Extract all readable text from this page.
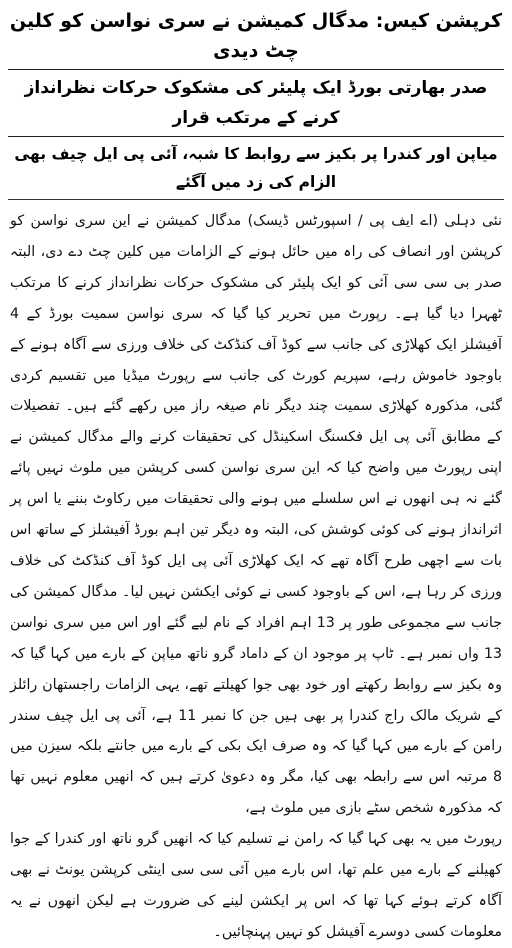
کرپشن کیس: مدگال کمیشن نے سری نواسن کو کلین چٹ دیدی
صدر بھارتی بورڈ ایک پلیئر کی مشکوک حرکات نظرانداز کرنے کے مرتکب قرار
میاپن اور کندرا پر بکیز سے روابط کا شبہ، آئی پی ایل چیف بھی الزام کی زد میں آگئے

نئی دہلی (اے ایف پی / اسپورٹس ڈیسک) مدگال کمیشن نے این سری نواسن کو کرپشن اور انصاف کی راہ میں حائل ہونے کے الزامات میں کلین چٹ دے دی، البتہ صدر بی سی سی آئی کو ایک پلیئر کی مشکوک حرکات نظرانداز کرنے کا مرتکب ٹھہرا دیا گیا ہے۔ رپورٹ میں تحریر کیا گیا کہ سری نواسن سمیت بورڈ کے 4 آفیشلز ایک کھلاڑی کی جانب سے کوڈ آف کنڈکٹ کی خلاف ورزی سے آگاہ ہونے کے باوجود خاموش رہے، سپریم کورٹ کی جانب سے رپورٹ میڈیا میں تقسیم کردی گئی، مذکورہ کھلاڑی سمیت چند دیگر نام صیغہ راز میں رکھے گئے ہیں۔ تفصیلات کے مطابق آئی پی ایل فکسنگ اسکینڈل کی تحقیقات کرنے والے مدگال کمیشن نے اپنی رپورٹ میں واضح کیا کہ این سری نواسن کسی کرپشن میں ملوث نہیں پائے گئے نہ ہی انھوں نے اس سلسلے میں ہونے والی تحقیقات میں رکاوٹ بننے یا اس پر اثرانداز ہونے کی کوئی کوشش کی، البتہ وہ دیگر تین اہم بورڈ آفیشلز کے ساتھ اس بات سے اچھی طرح آگاہ تھے کہ ایک کھلاڑی آئی پی ایل کوڈ آف کنڈکٹ کی خلاف ورزی کر رہا ہے، اس کے باوجود کسی نے کوئی ایکشن نہیں لیا۔ مدگال کمیشن کی جانب سے مجموعی طور پر 13 اہم افراد کے نام لیے گئے اور اس میں سری نواسن 13 واں نمبر ہے۔ ٹاپ پر موجود ان کے داماد گرو ناتھ میاپن کے بارے میں کہا گیا کہ وہ بکیز سے روابط رکھتے اور خود بھی جوا کھیلتے تھے، یہی الزامات راجستھان رائلز کے شریک مالک راج کندرا پر بھی ہیں جن کا نمبر 11 ہے، آئی پی ایل چیف سندر رامن کے بارے میں کہا گیا کہ وہ صرف ایک بکی کے بارے میں جانتے بلکہ سیزن میں 8 مرتبہ اس سے رابطہ بھی کیا، مگر وہ دعویٰ کرتے ہیں کہ انھیں معلوم نہیں تھا کہ مذکورہ شخص سٹے بازی میں ملوث ہے،

رپورٹ میں یہ بھی کہا گیا کہ رامن نے تسلیم کیا کہ انھیں گرو ناتھ اور کندرا کے جوا کھیلنے کے بارے میں علم تھا، اس بارے میں آئی سی سی اینٹی کرپشن یونٹ نے بھی آگاہ کرتے ہوئے کہا تھا کہ اس پر ایکشن لینے کی ضرورت ہے لیکن انھوں نے یہ معلومات کسی دوسرے آفیشل کو نہیں پہنچائیں۔
